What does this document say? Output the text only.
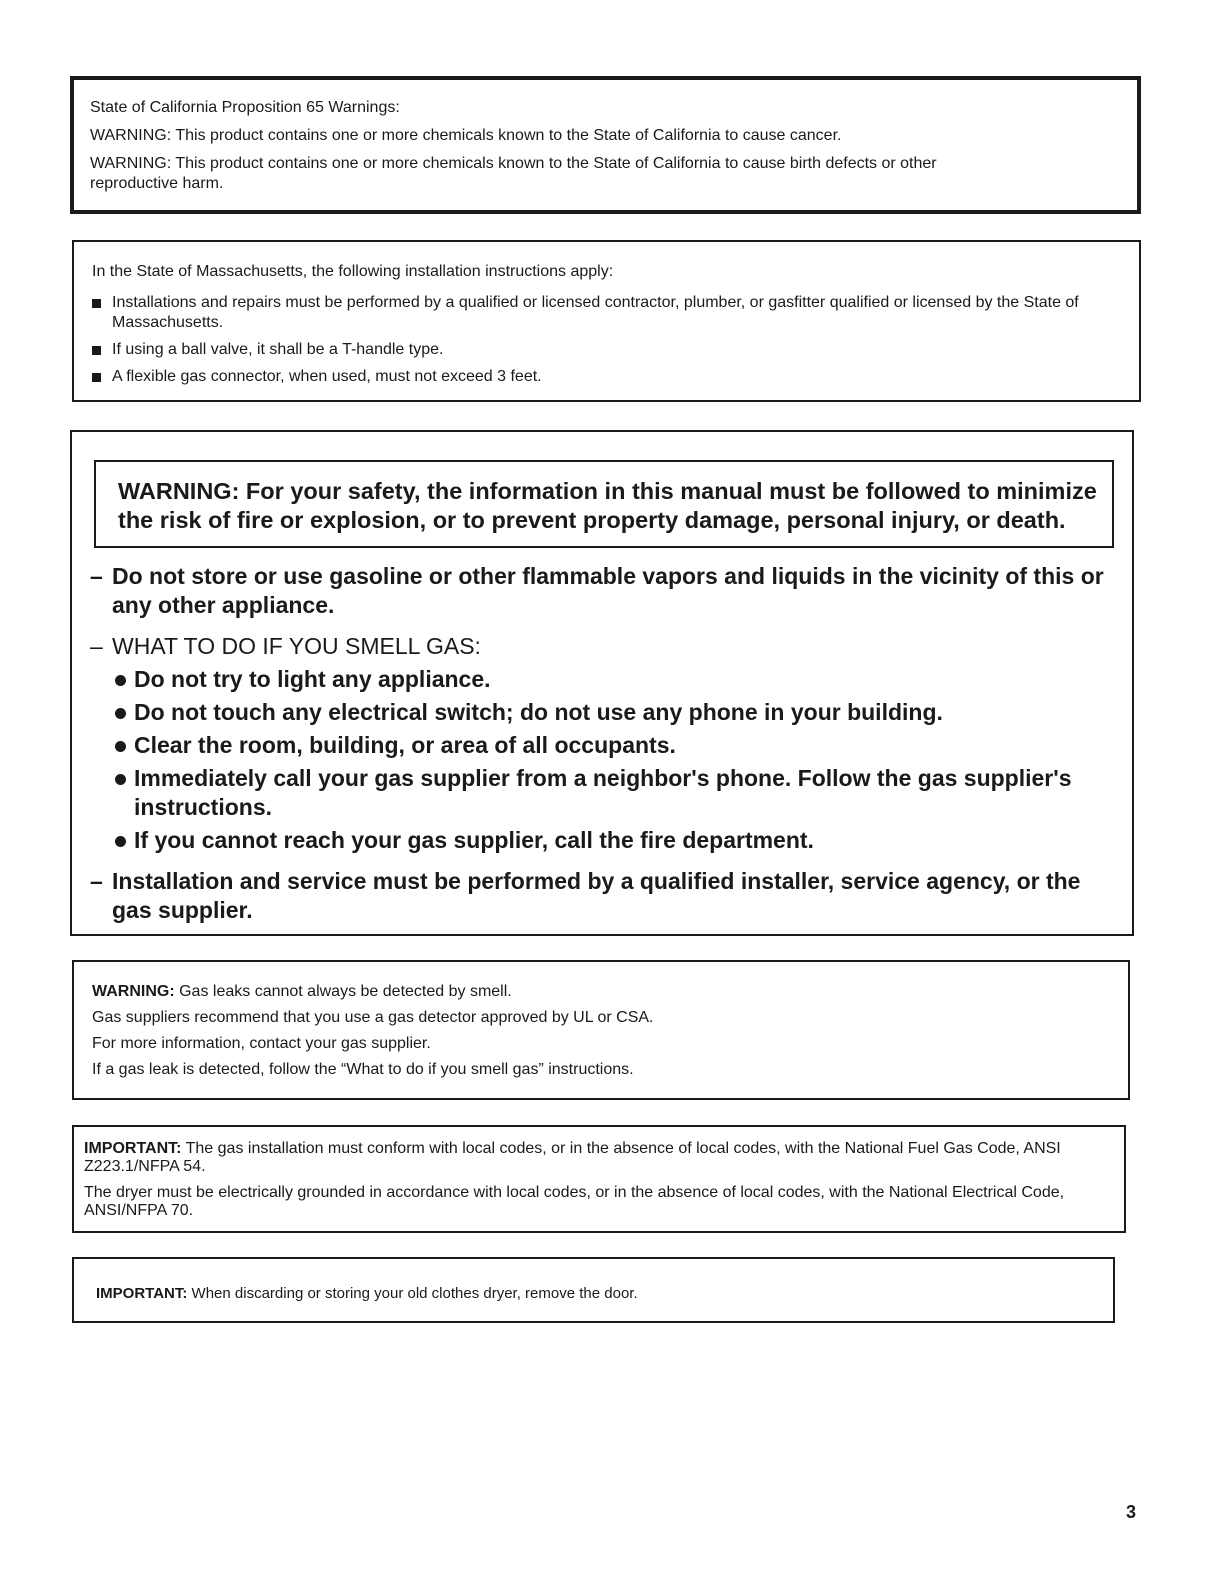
State of California Proposition 65 Warnings:

WARNING: This product contains one or more chemicals known to the State of California to cause cancer.

WARNING: This product contains one or more chemicals known to the State of California to cause birth defects or other

reproductive harm.

In the State of Massachusetts, the following installation instructions apply:

Installations and repairs must be performed by a qualified or licensed contractor, plumber, or gasfitter qualified or licensed by the State of Massachusetts.
If using a ball valve, it shall be a T-handle type.
A flexible gas connector, when used, must not exceed 3 feet.

WARNING: For your safety, the information in this manual must be followed to minimize

the risk of fire or explosion, or to prevent property damage, personal injury, or death.

– Do not store or use gasoline or other flammable vapors and liquids in the vicinity of this or any other appliance.
– WHAT TO DO IF YOU SMELL GAS:
Do not try to light any appliance.
Do not touch any electrical switch; do not use any phone in your building.
Clear the room, building, or area of all occupants.
Immediately call your gas supplier from a neighbor's phone. Follow the gas supplier's instructions.
If you cannot reach your gas supplier, call the fire department.
– Installation and service must be performed by a qualified installer, service agency, or the gas supplier.

WARNING: Gas leaks cannot always be detected by smell.

Gas suppliers recommend that you use a gas detector approved by UL or CSA.

For more information, contact your gas supplier.

If a gas leak is detected, follow the “What to do if you smell gas” instructions.

IMPORTANT: The gas installation must conform with local codes, or in the absence of local codes, with the National Fuel Gas Code, ANSI Z223.1/NFPA 54.

The dryer must be electrically grounded in accordance with local codes, or in the absence of local codes, with the National Electrical Code, ANSI/NFPA 70.

IMPORTANT: When discarding or storing your old clothes dryer, remove the door.

3
